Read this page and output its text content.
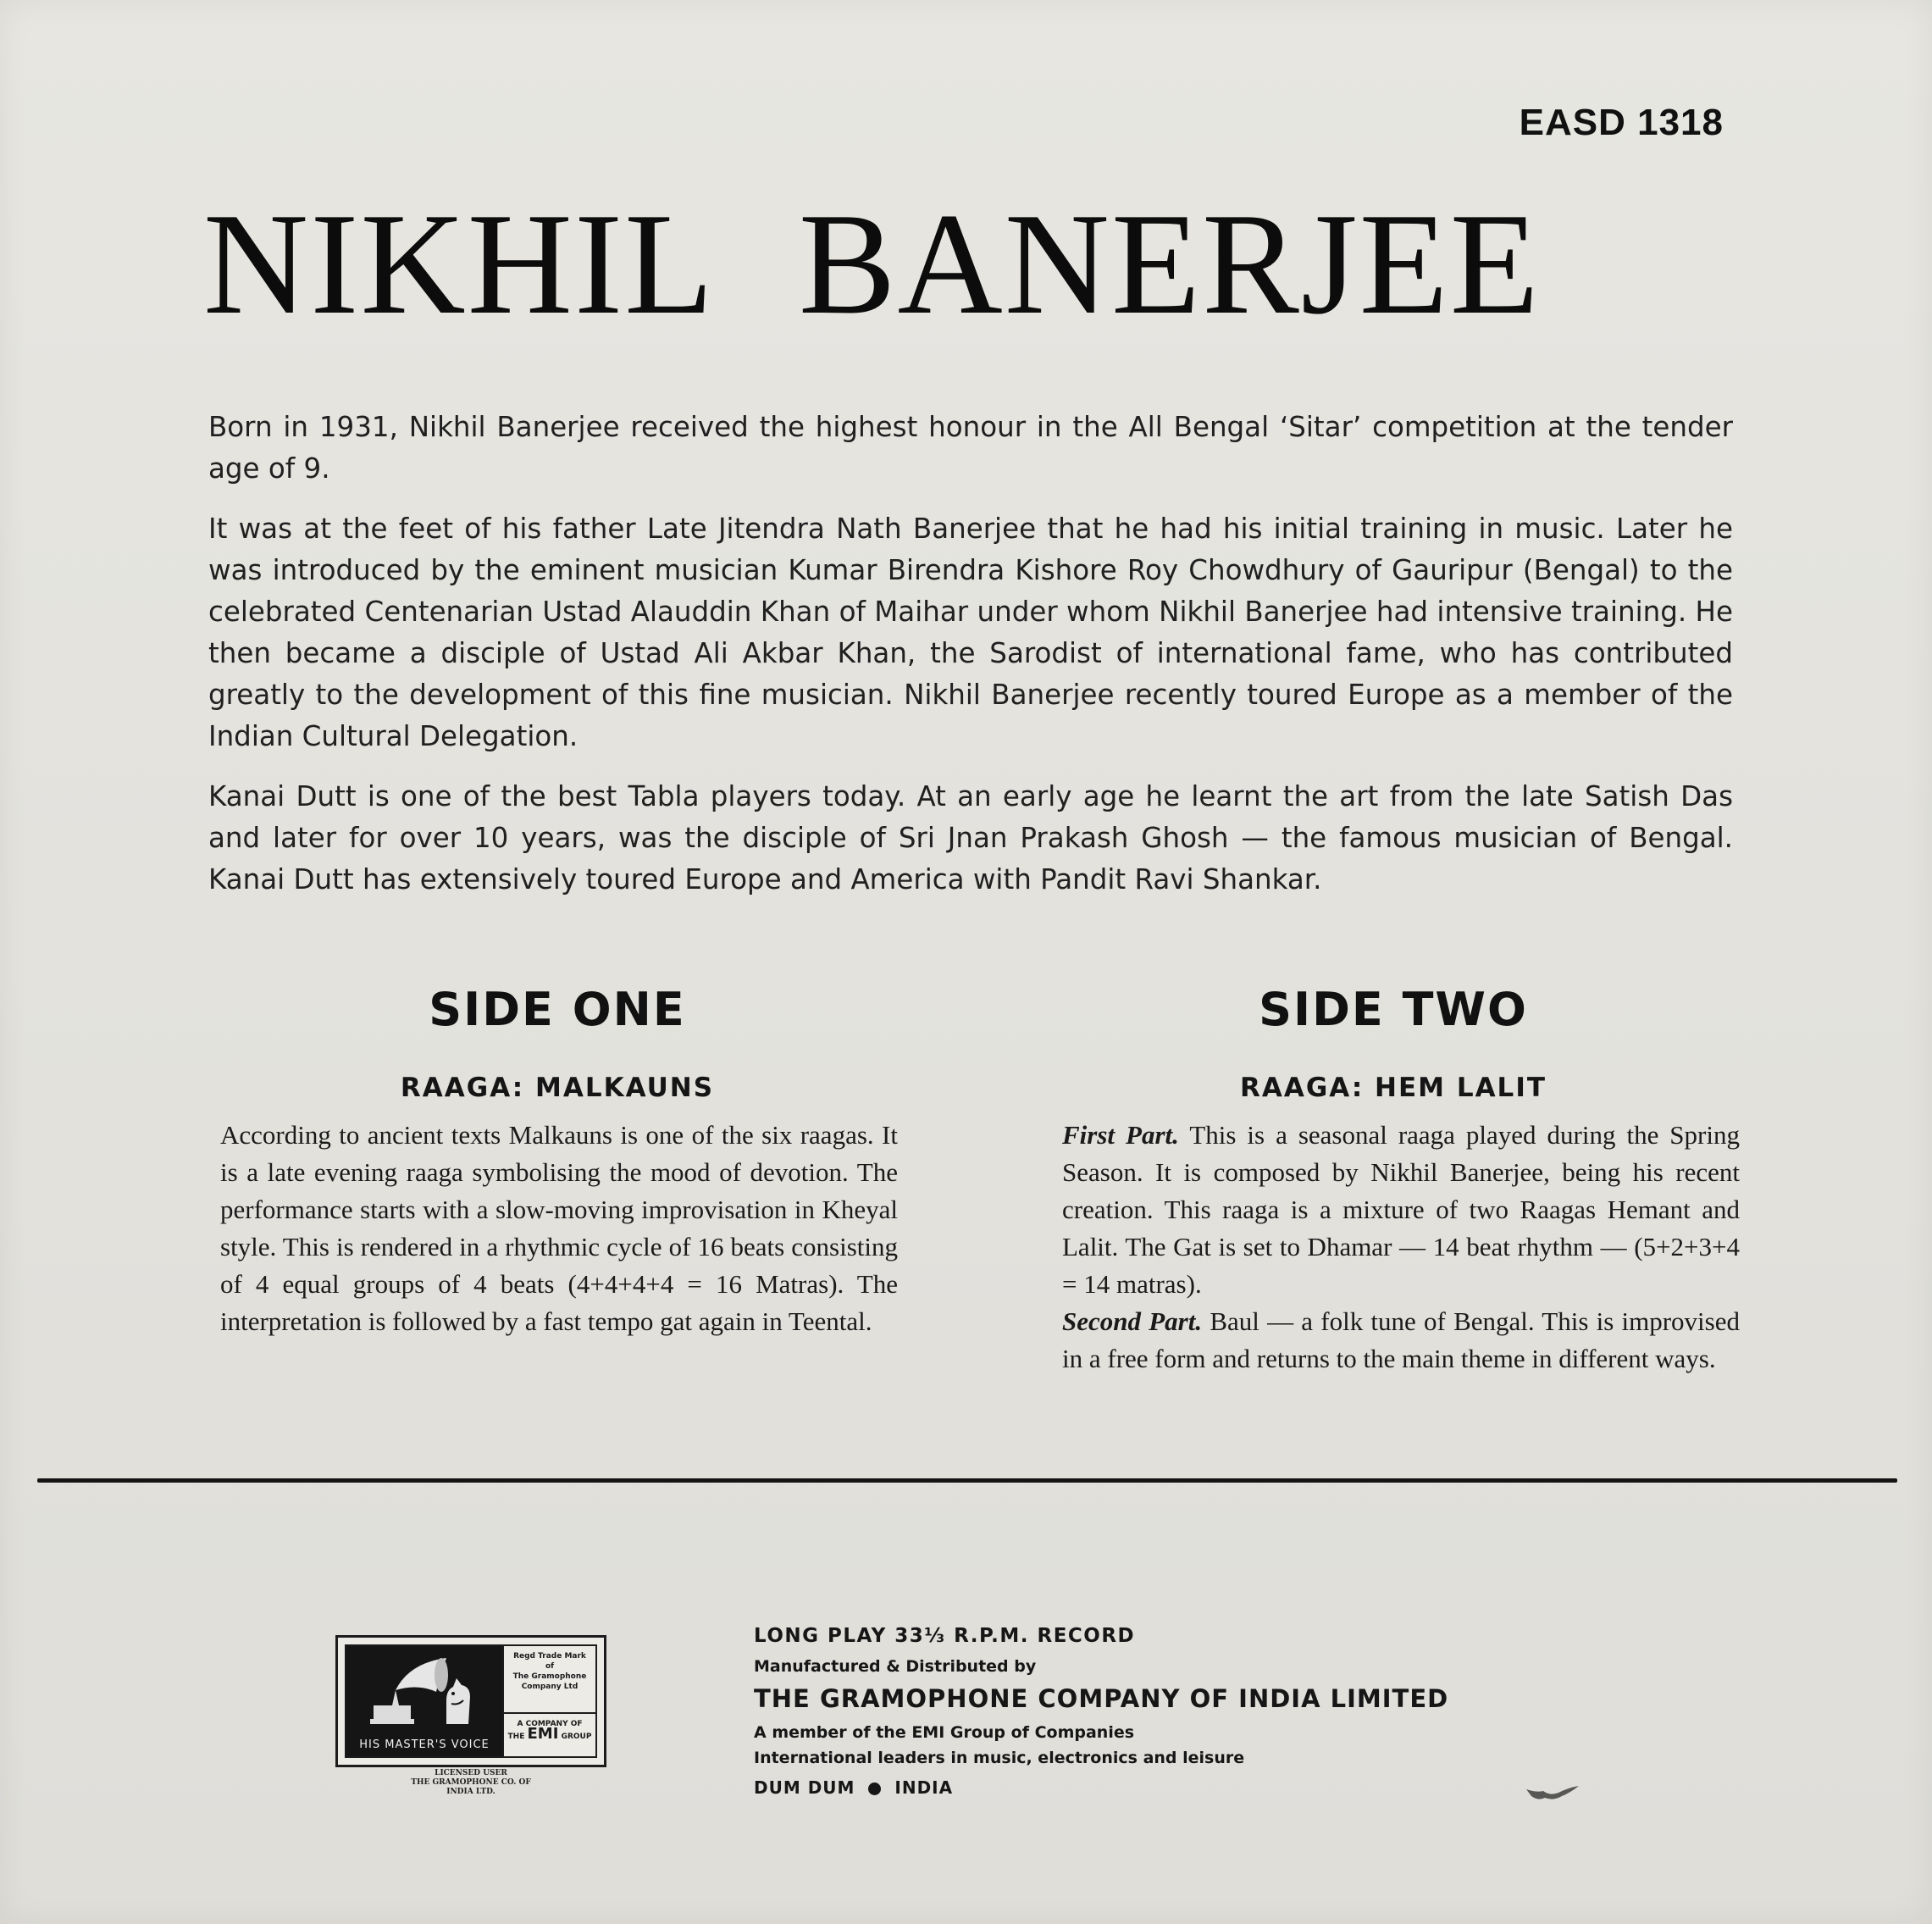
EASD 1318
NIKHIL BANERJEE

Born in 1931, Nikhil Banerjee received the highest honour in the All Bengal ‘Sitar’ competition at the tender age of 9.

It was at the feet of his father Late Jitendra Nath Banerjee that he had his initial training in music. Later he was introduced by the eminent musician Kumar Birendra Kishore Roy Chowdhury of Gauripur (Bengal) to the celebrated Centenarian Ustad Alauddin Khan of Maihar under whom Nikhil Banerjee had intensive training. He then became a disciple of Ustad Ali Akbar Khan, the Sarodist of international fame, who has contributed greatly to the development of this fine musician. Nikhil Banerjee recently toured Europe as a member of the Indian Cultural Delegation.

Kanai Dutt is one of the best Tabla players today. At an early age he learnt the art from the late Satish Das and later for over 10 years, was the disciple of Sri Jnan Prakash Ghosh — the famous musician of Bengal. Kanai Dutt has extensively toured Europe and America with Pandit Ravi Shankar.

SIDE ONE
RAAGA: MALKAUNS

According to ancient texts Malkauns is one of the six raagas. It is a late evening raaga symbolising the mood of devotion. The performance starts with a slow-moving improvisation in Kheyal style. This is rendered in a rhythmic cycle of 16 beats consisting of 4 equal groups of 4 beats (4+4+4+4 = 16 Matras). The interpretation is followed by a fast tempo gat again in Teental.

SIDE TWO
RAAGA: HEM LALIT

First Part. This is a seasonal raaga played during the Spring Season. It is composed by Nikhil Banerjee, being his recent creation. This raaga is a mixture of two Raagas Hemant and Lalit. The Gat is set to Dhamar — 14 beat rhythm — (5+2+3+4 = 14 matras).

Second Part. Baul — a folk tune of Bengal. This is improvised in a free form and returns to the main theme in different ways.

HIS MASTER'S VOICE
Regd Trade Mark
of
The Gramophone
Company Ltd
A COMPANY OF
THE EMI GROUP
LICENSED USER
THE GRAMOPHONE CO. OF
INDIA LTD.
LONG PLAY 33⅓ R.P.M. RECORD
Manufactured & Distributed by
THE GRAMOPHONE COMPANY OF INDIA LIMITED
A member of the EMI Group of Companies
International leaders in music, electronics and leisure
DUM DUM INDIA
